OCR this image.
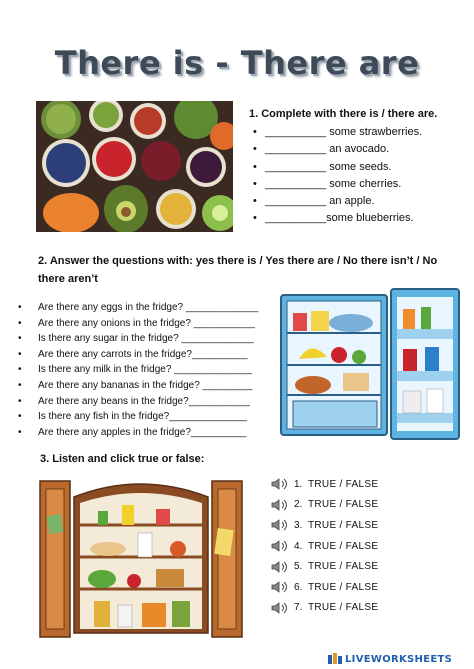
There is - There are
1. Complete with there is / there are.
• __________ some strawberries.
• __________ an avocado.
• __________ some seeds.
• __________ some cherries.
• __________ an apple.
• __________some blueberries.
2. Answer the questions with: yes there is / Yes there are / No there isn’t / No there aren’t
• Are there any eggs in the fridge? _____________
• Are there any onions in the fridge? ___________
• Is there any sugar in the fridge? _____________
• Are there any carrots in the fridge?__________
• Is there any milk in the fridge? ______________
• Are there any bananas in the fridge? _________
• Are there any beans in the fridge?___________
• Is there any fish in the fridge?______________
• Are there any apples in the fridge?__________
3. Listen and click true or false:
1. TRUE / FALSE
2. TRUE / FALSE
3. TRUE / FALSE
4. TRUE / FALSE
5. TRUE / FALSE
6. TRUE / FALSE
7. TRUE / FALSE
LIVEWORKSHEETS
